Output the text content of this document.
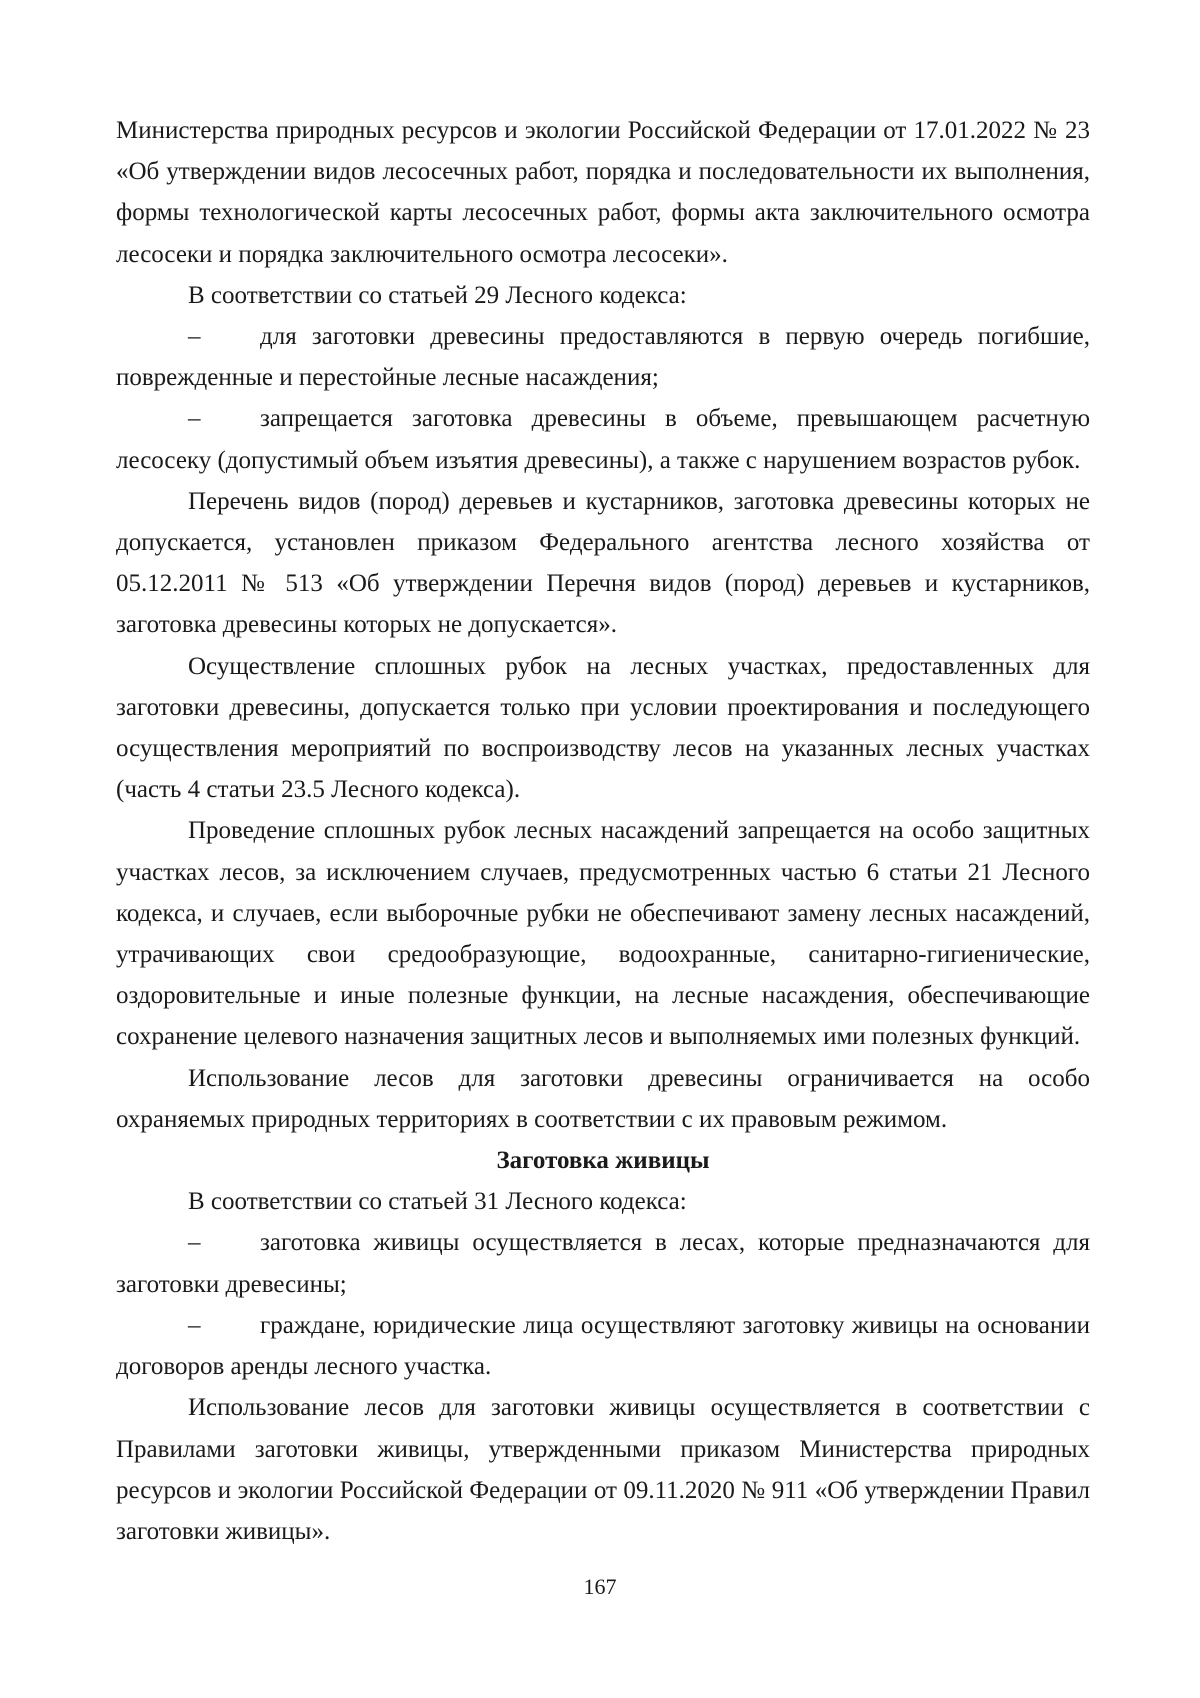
Министерства природных ресурсов и экологии Российской Федерации от 17.01.2022 № 23 «Об утверждении видов лесосечных работ, порядка и последовательности их выполнения, формы технологической карты лесосечных работ, формы акта заключительного осмотра лесосеки и порядка заключительного осмотра лесосеки».

В соответствии со статьей 29 Лесного кодекса:

– для заготовки древесины предоставляются в первую очередь погибшие, поврежденные и перестойные лесные насаждения;

– запрещается заготовка древесины в объеме, превышающем расчетную лесосеку (допустимый объем изъятия древесины), а также с нарушением возрастов рубок.

Перечень видов (пород) деревьев и кустарников, заготовка древесины которых не допускается, установлен приказом Федерального агентства лесного хозяйства от 05.12.2011 № 513 «Об утверждении Перечня видов (пород) деревьев и кустарников, заготовка древесины которых не допускается».

Осуществление сплошных рубок на лесных участках, предоставленных для заготовки древесины, допускается только при условии проектирования и последующего осуществления мероприятий по воспроизводству лесов на указанных лесных участках (часть 4 статьи 23.5 Лесного кодекса).

Проведение сплошных рубок лесных насаждений запрещается на особо защитных участках лесов, за исключением случаев, предусмотренных частью 6 статьи 21 Лесного кодекса, и случаев, если выборочные рубки не обеспечивают замену лесных насаждений, утрачивающих свои средообразующие, водоохранные, санитарно-гигиенические, оздоровительные и иные полезные функции, на лесные насаждения, обеспечивающие сохранение целевого назначения защитных лесов и выполняемых ими полезных функций.

Использование лесов для заготовки древесины ограничивается на особо охраняемых природных территориях в соответствии с их правовым режимом.

Заготовка живицы

В соответствии со статьей 31 Лесного кодекса:

– заготовка живицы осуществляется в лесах, которые предназначаются для заготовки древесины;

– граждане, юридические лица осуществляют заготовку живицы на основании договоров аренды лесного участка.

Использование лесов для заготовки живицы осуществляется в соответствии с Правилами заготовки живицы, утвержденными приказом Министерства природных ресурсов и экологии Российской Федерации от 09.11.2020 № 911 «Об утверждении Правил заготовки живицы».

167
